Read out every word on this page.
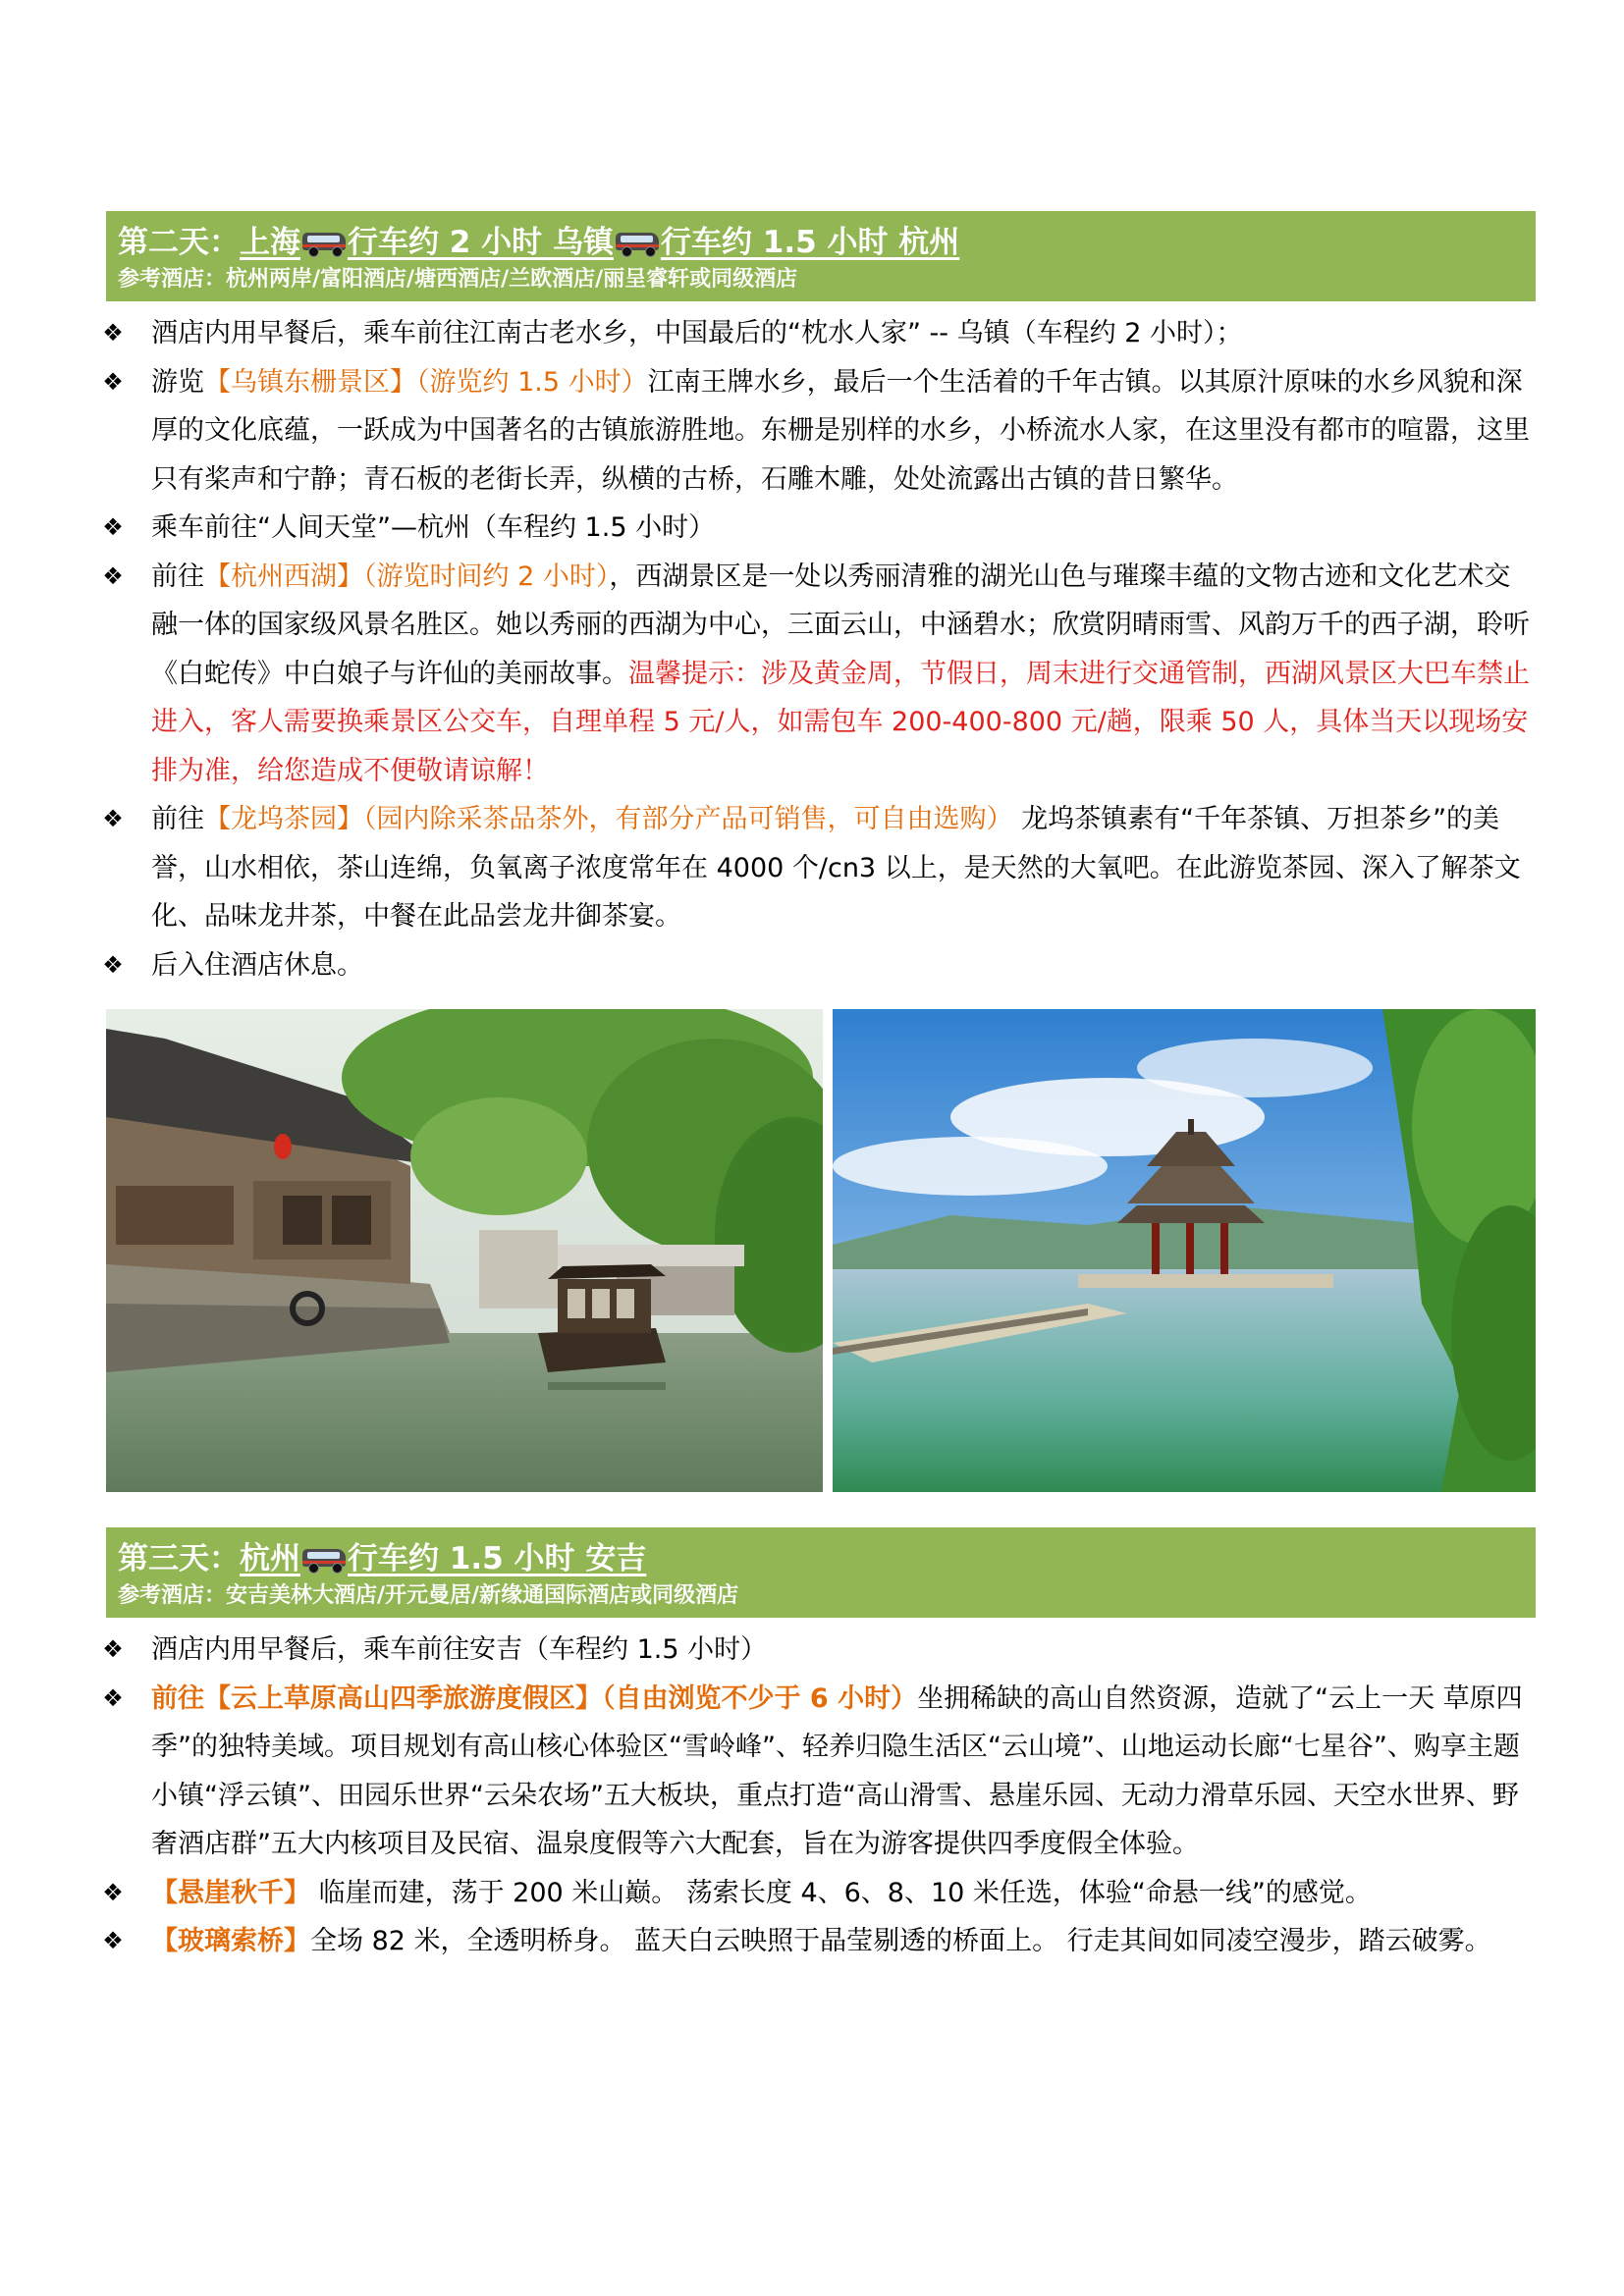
第二天：上海 行车约 2 小时 乌镇 行车约 1.5 小时 杭州
参考酒店：杭州两岸/富阳酒店/塘西酒店/兰欧酒店/丽呈睿轩或同级酒店
❖ 酒店内用早餐后，乘车前往江南古老水乡，中国最后的“枕水人家” -- 乌镇（车程约 2 小时）；
❖ 游览【乌镇东栅景区】（游览约 1.5 小时）江南王牌水乡，最后一个生活着的千年古镇。以其原汁原味的水乡风貌和深厚的文化底蕴，一跃成为中国著名的古镇旅游胜地。东栅是别样的水乡，小桥流水人家，在这里没有都市的喧嚣，这里只有桨声和宁静；青石板的老街长弄，纵横的古桥，石雕木雕，处处流露出古镇的昔日繁华。
❖ 乘车前往“人间天堂”—杭州（车程约 1.5 小时）
❖ 前往【杭州西湖】（游览时间约 2 小时），西湖景区是一处以秀丽清雅的湖光山色与璀璨丰蕴的文物古迹和文化艺术交融一体的国家级风景名胜区。她以秀丽的西湖为中心，三面云山，中涵碧水；欣赏阴晴雨雪、风韵万千的西子湖，聆听《白蛇传》中白娘子与许仙的美丽故事。温馨提示：涉及黄金周，节假日，周末进行交通管制，西湖风景区大巴车禁止进入，客人需要换乘景区公交车，自理单程 5 元/人，如需包车 200-400-800 元/趟，限乘 50 人，具体当天以现场安排为准，给您造成不便敬请谅解！
❖ 前往【龙坞茶园】（园内除采茶品茶外，有部分产品可销售，可自由选购） 龙坞茶镇素有“千年茶镇、万担茶乡”的美誉，山水相依，茶山连绵，负氧离子浓度常年在 4000 个/cn3 以上，是天然的大氧吧。在此游览茶园、深入了解茶文化、品味龙井茶，中餐在此品尝龙井御茶宴。
❖ 后入住酒店休息。
第三天：杭州 行车约 1.5 小时 安吉
参考酒店：安吉美林大酒店/开元曼居/新缘通国际酒店或同级酒店
❖ 酒店内用早餐后，乘车前往安吉（车程约 1.5 小时）
❖ 前往【云上草原高山四季旅游度假区】（自由浏览不少于 6 小时）坐拥稀缺的高山自然资源，造就了“云上一天 草原四季”的独特美域。项目规划有高山核心体验区“雪岭峰”、轻养归隐生活区“云山境”、山地运动长廊“七星谷”、购享主题小镇“浮云镇”、田园乐世界“云朵农场”五大板块，重点打造“高山滑雪、悬崖乐园、无动力滑草乐园、天空水世界、野奢酒店群”五大内核项目及民宿、温泉度假等六大配套，旨在为游客提供四季度假全体验。
❖ 【悬崖秋千】 临崖而建，荡于 200 米山巅。 荡索长度 4、6、8、10 米任选，体验“命悬一线”的感觉。
❖ 【玻璃索桥】全场 82 米，全透明桥身。 蓝天白云映照于晶莹剔透的桥面上。 行走其间如同凌空漫步，踏云破雾。
